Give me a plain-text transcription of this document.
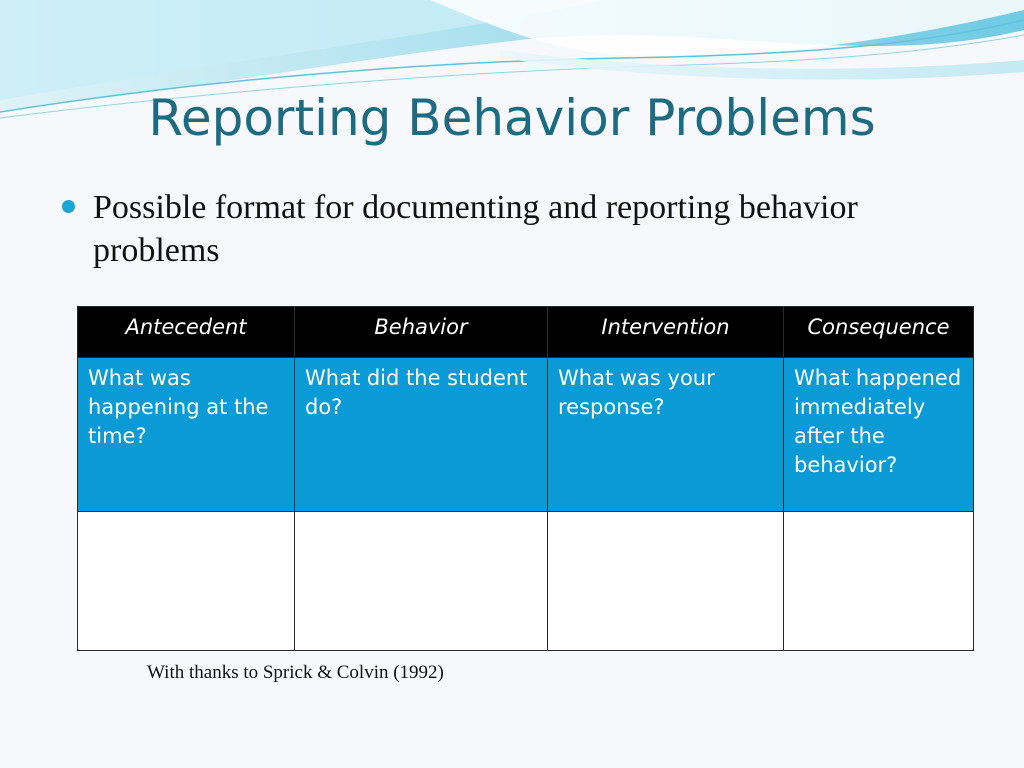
Reporting Behavior Problems
Possible format for documenting and reporting behavior problems
Antecedent	Behavior	Intervention	Consequence
What was happening at the time?	What did the student do?	What was your response?	What happened immediately after the behavior?

With thanks to Sprick & Colvin (1992)
